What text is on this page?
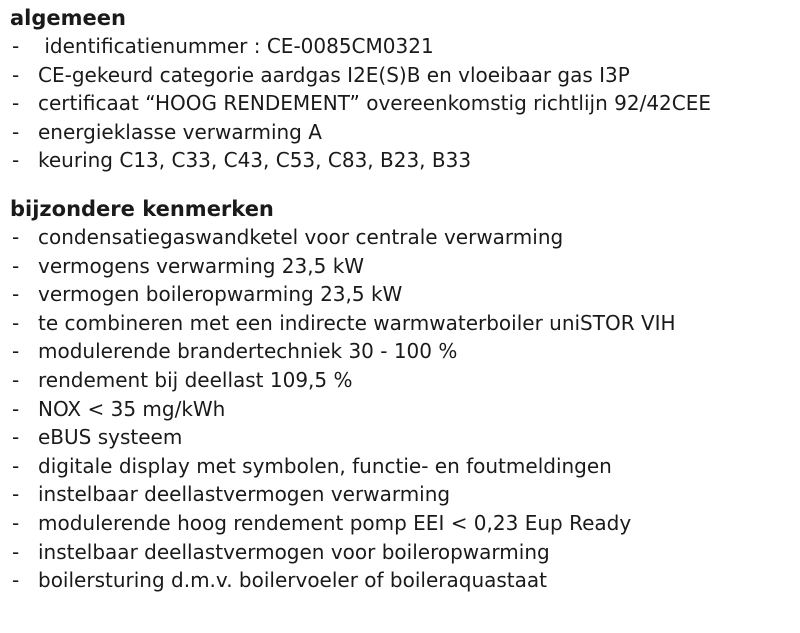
algemeen
- identificatienummer : CE-0085CM0321
- CE-gekeurd categorie aardgas I2E(S)B en vloeibaar gas I3P
- certificaat “HOOG RENDEMENT” overeenkomstig richtlijn 92/42CEE
- energieklasse verwarming A
- keuring C13, C33, C43, C53, C83, B23, B33
bijzondere kenmerken
- condensatiegaswandketel voor centrale verwarming
- vermogens verwarming 23,5 kW
- vermogen boileropwarming 23,5 kW
- te combineren met een indirecte warmwaterboiler uniSTOR VIH
- modulerende brandertechniek 30 - 100 %
- rendement bij deellast 109,5 %
- NOX < 35 mg/kWh
- eBUS systeem
- digitale display met symbolen, functie- en foutmeldingen
- instelbaar deellastvermogen verwarming
- modulerende hoog rendement pomp EEI < 0,23 Eup Ready
- instelbaar deellastvermogen voor boileropwarming
- boilersturing d.m.v. boilervoeler of boileraquastaat
